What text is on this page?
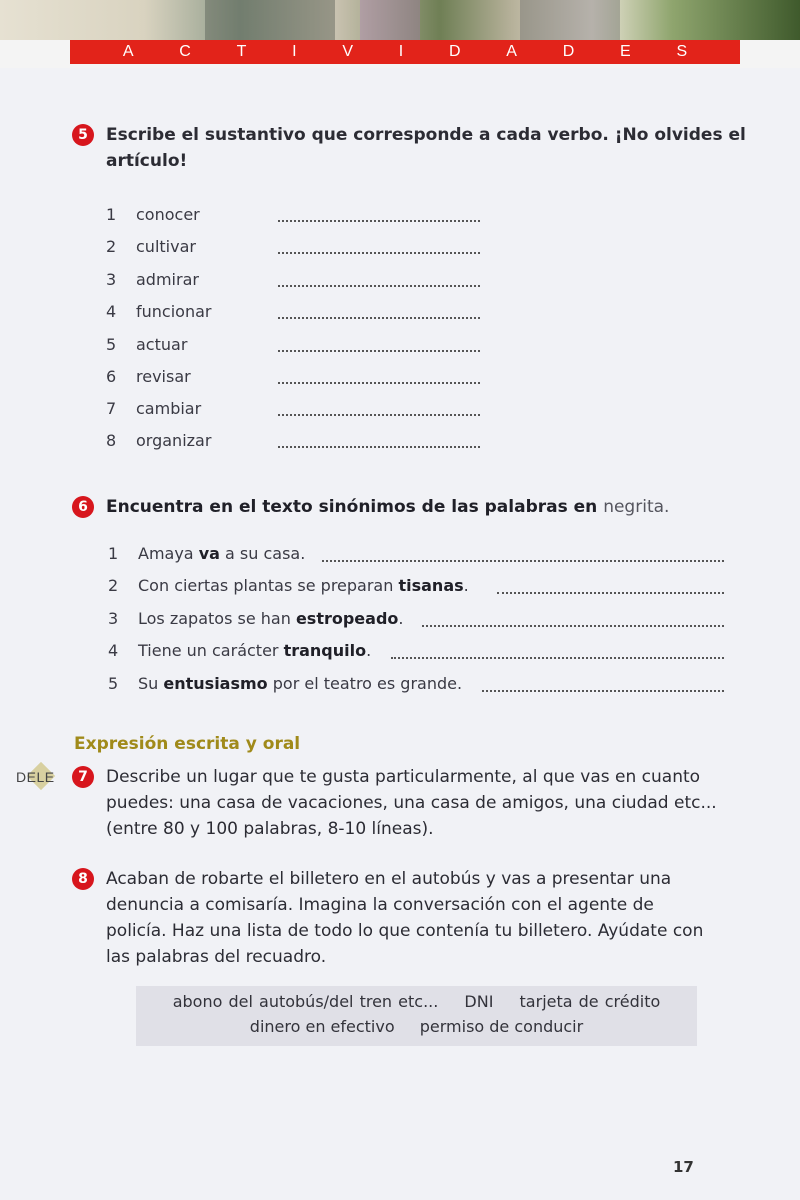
A	C	T	I	V	I	D	A	D	E	S
5	Escribe el sustantivo que corresponde a cada verbo. ¡No olvides el artículo!
1	conocer
2	cultivar
3	admirar
4	funcionar
5	actuar
6	revisar
7	cambiar
8	organizar
6	Encuentra en el texto sinónimos de las palabras en negrita.
1	Amaya va a su casa.
2	Con ciertas plantas se preparan tisanas.
3	Los zapatos se han estropeado.
4	Tiene un carácter tranquilo.
5	Su entusiasmo por el teatro es grande.
Expresión escrita y oral
DELE	7	Describe un lugar que te gusta particularmente, al que vas en cuanto
puedes: una casa de vacaciones, una casa de amigos, una ciudad etc...
(entre 80 y 100 palabras, 8-10 líneas).
8	Acaban de robarte el billetero en el autobús y vas a presentar una
denuncia a comisaría. Imagina la conversación con el agente de
policía. Haz una lista de todo lo que contenía tu billetero. Ayúdate con
las palabras del recuadro.
abono del autobús/del tren etc... DNI tarjeta de crédito
dinero en efectivo permiso de conducir
17
